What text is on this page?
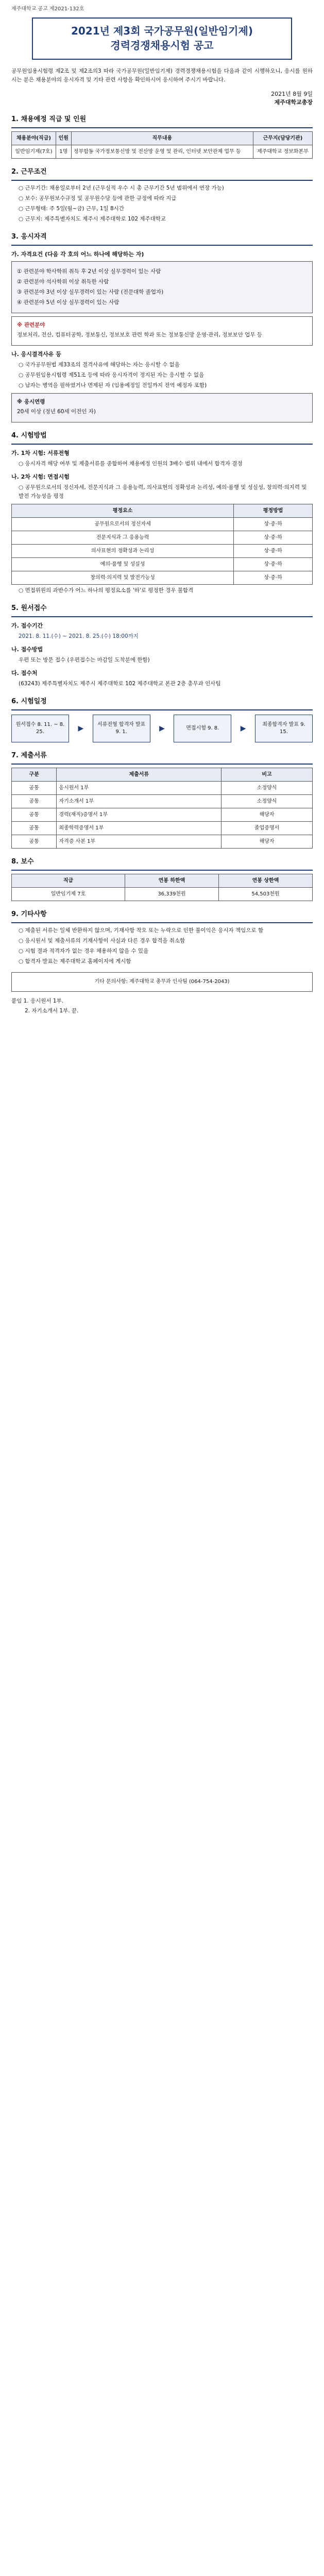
제주대학교 공고 제2021-132호
2021년 제3회 국가공무원(일반임기제)
경력경쟁채용시험 공고

공무원임용시험령 제2조 및 제2조의3 따라 국가공무원(일반임기제) 경력경쟁채용시험을 다음과 같이 시행하오니, 응시를 원하시는 분은 채용분야의 응시자격 및 기타 관련 사항을 확인하시어 응시하여 주시기 바랍니다.

2021년 8월 9일
제주대학교총장
1. 채용예정 직급 및 인원
채용분야(직급)	인원	직무내용	근무지(담당기관)
일반임기제(7호)	1명	정부합동 국가정보통신망 및 전산망 운영 및 관리, 인터넷 보안관제 업무 등	제주대학교 정보화본부
2. 근무조건

○ 근무기간: 채용일로부터 2년 (근무실적 우수 시 총 근무기간 5년 범위에서 연장 가능)

○ 보수: 공무원보수규정 및 공무원수당 등에 관한 규정에 따라 지급

○ 근무형태: 주 5일(월~금) 근무, 1일 8시간

○ 근무지: 제주특별자치도 제주시 제주대학로 102 제주대학교

3. 응시자격
가. 자격요건 (다음 각 호의 어느 하나에 해당하는 자)

① 관련분야 학사학위 취득 후 2년 이상 실무경력이 있는 사람

② 관련분야 석사학위 이상 취득한 사람

③ 관련분야 3년 이상 실무경력이 있는 사람 (전문대학 졸업자)

④ 관련분야 5년 이상 실무경력이 있는 사람

※ 관련분야

정보처리, 전산, 컴퓨터공학, 정보통신, 정보보호 관련 학과 또는 정보통신망 운영·관리, 정보보안 업무 등

나. 응시결격사유 등

○ 국가공무원법 제33조의 결격사유에 해당하는 자는 응시할 수 없음

○ 공무원임용시험령 제51조 등에 따라 응시자격이 정지된 자는 응시할 수 없음

○ 남자는 병역을 필하였거나 면제된 자 (임용예정일 전일까지 전역 예정자 포함)

※ 응시연령

20세 이상 (정년 60세 이전인 자)

4. 시험방법
가. 1차 시험: 서류전형

○ 응시자격 해당 여부 및 제출서류를 종합하여 채용예정 인원의 3배수 범위 내에서 합격자 결정

나. 2차 시험: 면접시험

○ 공무원으로서의 정신자세, 전문지식과 그 응용능력, 의사표현의 정확성과 논리성, 예의·품행 및 성실성, 창의력·의지력 및 발전 가능성을 평정

평정요소	평정방법
공무원으로서의 정신자세	상·중·하
전문지식과 그 응용능력	상·중·하
의사표현의 정확성과 논리성	상·중·하
예의·품행 및 성실성	상·중·하
창의력·의지력 및 발전가능성	상·중·하

○ 면접위원의 과반수가 어느 하나의 평정요소를 '하'로 평정한 경우 불합격

5. 원서접수
가. 접수기간

2021. 8. 11.(수) ~ 2021. 8. 25.(수) 18:00까지

나. 접수방법

우편 또는 방문 접수 (우편접수는 마감일 도착분에 한함)

다. 접수처

(63243) 제주특별자치도 제주시 제주대학로 102 제주대학교 본관 2층 총무과 인사팀

6. 시험일정
원서접수 8. 11. ~ 8. 25.	▶	서류전형 합격자 발표 9. 1.	▶	면접시험 9. 8.	▶	최종합격자 발표 9. 15.
7. 제출서류
구분	제출서류	비고
공통	응시원서 1부	소정양식
공통	자기소개서 1부	소정양식
공통	경력(재직)증명서 1부	해당자
공통	최종학력증명서 1부	졸업증명서
공통	자격증 사본 1부	해당자
8. 보수
직급	연봉 하한액	연봉 상한액
일반임기제 7호	36,339천원	54,503천원
9. 기타사항

○ 제출된 서류는 일체 반환하지 않으며, 기재사항 착오 또는 누락으로 인한 불이익은 응시자 책임으로 함

○ 응시원서 및 제출서류의 기재사항이 사실과 다른 경우 합격을 취소함

○ 시험 결과 적격자가 없는 경우 채용하지 않을 수 있음

○ 합격자 발표는 제주대학교 홈페이지에 게시함

기타 문의사항: 제주대학교 총무과 인사팀 (064-754-2043)

붙임 1. 응시원서 1부.

2. 자기소개서 1부. 끝.
